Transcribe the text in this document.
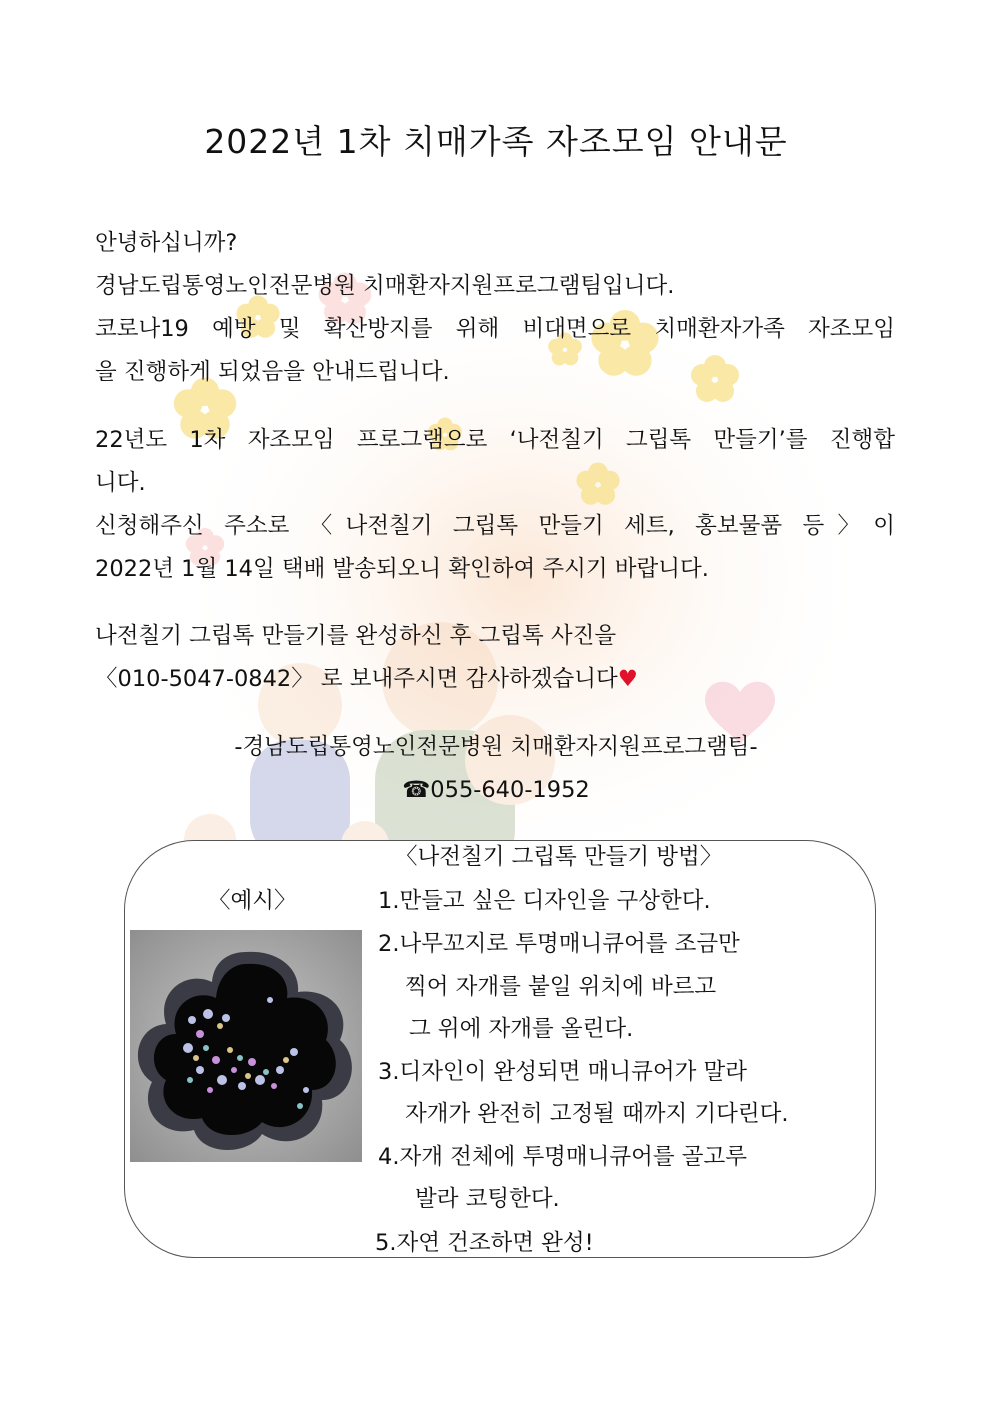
2022년 1차 치매가족 자조모임 안내문
안녕하십니까?
경남도립통영노인전문병원 치매환자지원프로그램팀입니다.
코로나19 예방 및 확산방지를 위해 비대면으로 치매환자가족 자조모임
을 진행하게 되었음을 안내드립니다.
22년도 1차 자조모임 프로그램으로 ‘나전칠기 그립톡 만들기’를 진행합
니다.
신청해주신 주소로 〈나전칠기 그립톡 만들기 세트, 홍보물품 등〉이
2022년 1월 14일 택배 발송되오니 확인하여 주시기 바랍니다.
나전칠기 그립톡 만들기를 완성하신 후 그립톡 사진을
〈010-5047-0842〉 로 보내주시면 감사하겠습니다♥
-경남도립통영노인전문병원 치매환자지원프로그램팀-
☎055-640-1952
〈나전칠기 그립톡 만들기 방법〉
〈예시〉	1.만들고 싶은 디자인을 구상한다.
2.나무꼬지로 투명매니큐어를 조금만
찍어 자개를 붙일 위치에 바르고
그 위에 자개를 올린다.
3.디자인이 완성되면 매니큐어가 말라
자개가 완전히 고정될 때까지 기다린다.
4.자개 전체에 투명매니큐어를 골고루
발라 코팅한다.
5.자연 건조하면 완성!
